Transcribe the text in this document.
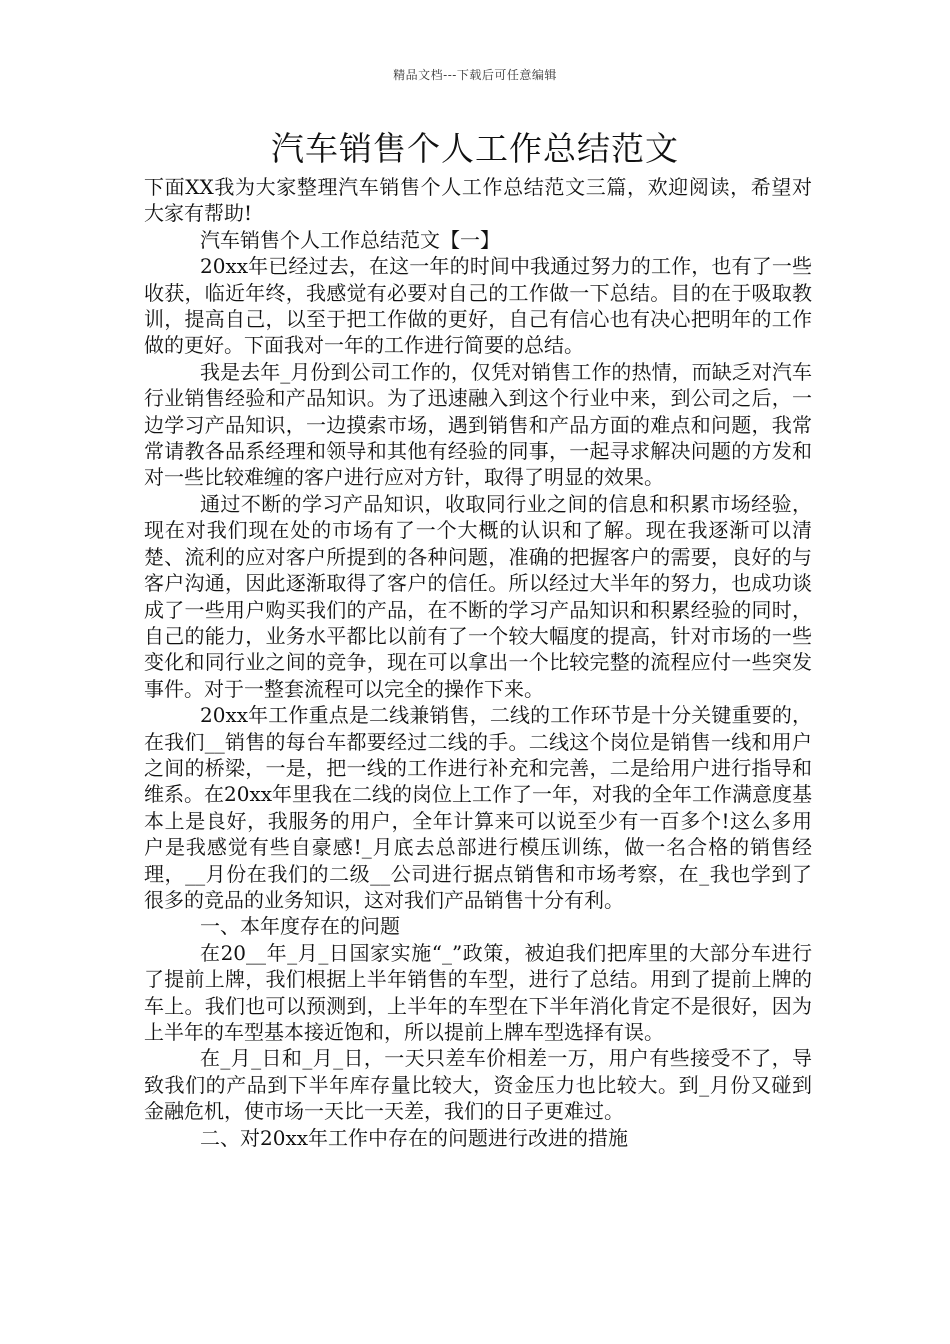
精品文档---下载后可任意编辑
汽车销售个人工作总结范文

下面XX我为大家整理汽车销售个人工作总结范文三篇，欢迎阅读，希望对大家有帮助!

汽车销售个人工作总结范文【一】

20xx年已经过去，在这一年的时间中我通过努力的工作，也有了一些收获，临近年终，我感觉有必要对自己的工作做一下总结。目的在于吸取教训，提高自己，以至于把工作做的更好，自己有信心也有决心把明年的工作做的更好。下面我对一年的工作进行简要的总结。

我是去年_月份到公司工作的，仅凭对销售工作的热情，而缺乏对汽车行业销售经验和产品知识。为了迅速融入到这个行业中来，到公司之后，一边学习产品知识，一边摸索市场，遇到销售和产品方面的难点和问题，我常常请教各品系经理和领导和其他有经验的同事，一起寻求解决问题的方发和对一些比较难缠的客户进行应对方针，取得了明显的效果。

通过不断的学习产品知识，收取同行业之间的信息和积累市场经验，现在对我们现在处的市场有了一个大概的认识和了解。现在我逐渐可以清楚、流利的应对客户所提到的各种问题，准确的把握客户的需要，良好的与客户沟通，因此逐渐取得了客户的信任。所以经过大半年的努力，也成功谈成了一些用户购买我们的产品，在不断的学习产品知识和积累经验的同时，自己的能力，业务水平都比以前有了一个较大幅度的提高，针对市场的一些变化和同行业之间的竞争，现在可以拿出一个比较完整的流程应付一些突发事件。对于一整套流程可以完全的操作下来。

20xx年工作重点是二线兼销售，二线的工作环节是十分关键重要的，在我们__销售的每台车都要经过二线的手。二线这个岗位是销售一线和用户之间的桥梁，一是，把一线的工作进行补充和完善，二是给用户进行指导和维系。在20xx年里我在二线的岗位上工作了一年，对我的全年工作满意度基本上是良好，我服务的用户，全年计算来可以说至少有一百多个!这么多用户是我感觉有些自豪感!_月底去总部进行模压训练，做一名合格的销售经理，__月份在我们的二级__公司进行据点销售和市场考察，在_我也学到了很多的竞品的业务知识，这对我们产品销售十分有利。

一、本年度存在的问题

在20__年_月_日国家实施“_”政策，被迫我们把库里的大部分车进行了提前上牌，我们根据上半年销售的车型，进行了总结。用到了提前上牌的车上。我们也可以预测到，上半年的车型在下半年消化肯定不是很好，因为上半年的车型基本接近饱和，所以提前上牌车型选择有误。

在_月_日和_月_日，一天只差车价相差一万，用户有些接受不了，导致我们的产品到下半年库存量比较大，资金压力也比较大。到_月份又碰到金融危机，使市场一天比一天差，我们的日子更难过。

二、对20xx年工作中存在的问题进行改进的措施
